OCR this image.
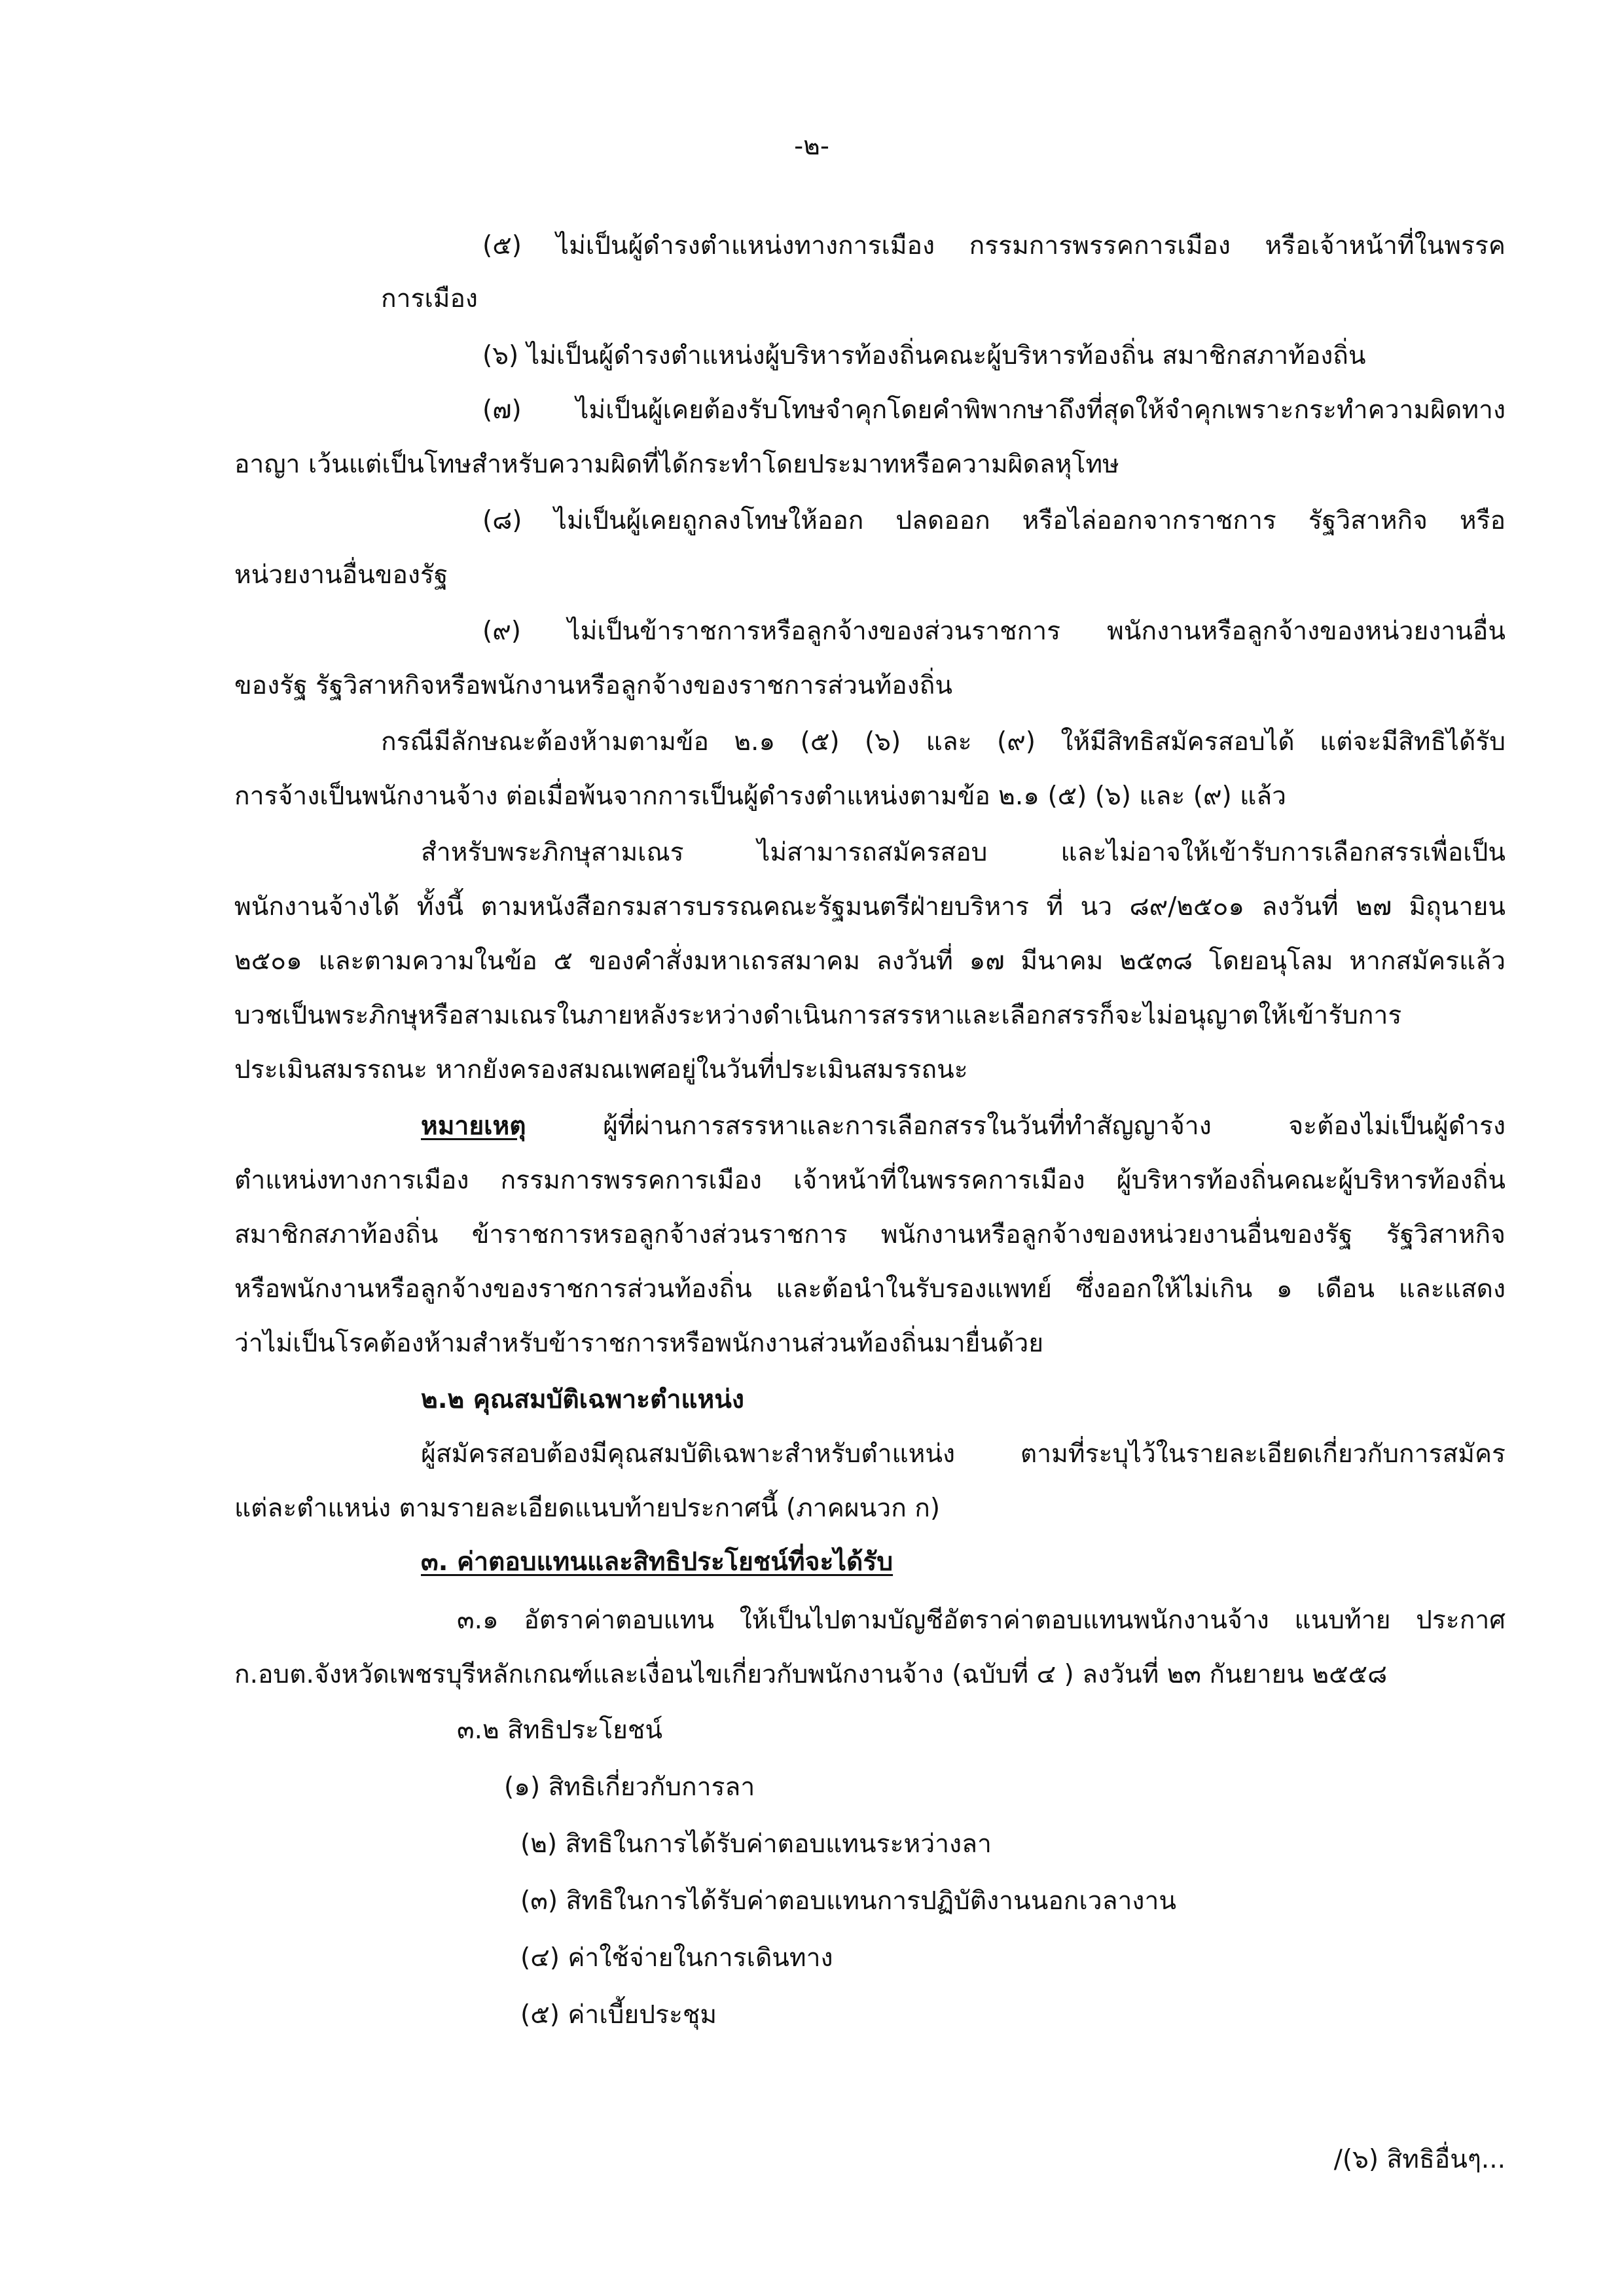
-๒-
(๕) ไม่เป็นผู้ดำรงตำแหน่งทางการเมือง กรรมการพรรคการเมือง หรือเจ้าหน้าที่ในพรรค
การเมือง
(๖) ไม่เป็นผู้ดำรงตำแหน่งผู้บริหารท้องถิ่นคณะผู้บริหารท้องถิ่น สมาชิกสภาท้องถิ่น
(๗) ไม่เป็นผู้เคยต้องรับโทษจำคุกโดยคำพิพากษาถึงที่สุดให้จำคุกเพราะกระทำความผิดทาง
อาญา เว้นแต่เป็นโทษสำหรับความผิดที่ได้กระทำโดยประมาทหรือความผิดลหุโทษ
(๘) ไม่เป็นผู้เคยถูกลงโทษให้ออก ปลดออก หรือไล่ออกจากราชการ รัฐวิสาหกิจ หรือ
หน่วยงานอื่นของรัฐ
(๙) ไม่เป็นข้าราชการหรือลูกจ้างของส่วนราชการ พนักงานหรือลูกจ้างของหน่วยงานอื่น
ของรัฐ รัฐวิสาหกิจหรือพนักงานหรือลูกจ้างของราชการส่วนท้องถิ่น
กรณีมีลักษณะต้องห้ามตามข้อ ๒.๑ (๕) (๖) และ (๙) ให้มีสิทธิสมัครสอบได้ แต่จะมีสิทธิได้รับ
การจ้างเป็นพนักงานจ้าง ต่อเมื่อพ้นจากการเป็นผู้ดำรงตำแหน่งตามข้อ ๒.๑ (๕) (๖) และ (๙) แล้ว
สำหรับพระภิกษุสามเณร ไม่สามารถสมัครสอบ และไม่อาจให้เข้ารับการเลือกสรรเพื่อเป็น
พนักงานจ้างได้ ทั้งนี้ ตามหนังสือกรมสารบรรณคณะรัฐมนตรีฝ่ายบริหาร ที่ นว ๘๙/๒๕๐๑ ลงวันที่ ๒๗ มิถุนายน
๒๕๐๑ และตามความในข้อ ๕ ของคำสั่งมหาเถรสมาคม ลงวันที่ ๑๗ มีนาคม ๒๕๓๘ โดยอนุโลม หากสมัครแล้ว
บวชเป็นพระภิกษุหรือสามเณรในภายหลังระหว่างดำเนินการสรรหาและเลือกสรรก็จะไม่อนุญาตให้เข้ารับการ
ประเมินสมรรถนะ หากยังครองสมณเพศอยู่ในวันที่ประเมินสมรรถนะ
หมายเหตุ ผู้ที่ผ่านการสรรหาและการเลือกสรรในวันที่ทำสัญญาจ้าง จะต้องไม่เป็นผู้ดำรง
ตำแหน่งทางการเมือง กรรมการพรรคการเมือง เจ้าหน้าที่ในพรรคการเมือง ผู้บริหารท้องถิ่นคณะผู้บริหารท้องถิ่น
สมาชิกสภาท้องถิ่น ข้าราชการหรอลูกจ้างส่วนราชการ พนักงานหรือลูกจ้างของหน่วยงานอื่นของรัฐ รัฐวิสาหกิจ
หรือพนักงานหรือลูกจ้างของราชการส่วนท้องถิ่น และต้อนำในรับรองแพทย์ ซึ่งออกให้ไม่เกิน ๑ เดือน และแสดง
ว่าไม่เป็นโรคต้องห้ามสำหรับข้าราชการหรือพนักงานส่วนท้องถิ่นมายื่นด้วย
๒.๒ คุณสมบัติเฉพาะตำแหน่ง
ผู้สมัครสอบต้องมีคุณสมบัติเฉพาะสำหรับตำแหน่ง ตามที่ระบุไว้ในรายละเอียดเกี่ยวกับการสมัคร
แต่ละตำแหน่ง ตามรายละเอียดแนบท้ายประกาศนี้ (ภาคผนวก ก)
๓. ค่าตอบแทนและสิทธิประโยชน์ที่จะได้รับ
๓.๑ อัตราค่าตอบแทน ให้เป็นไปตามบัญชีอัตราค่าตอบแทนพนักงานจ้าง แนบท้าย ประกาศ
ก.อบต.จังหวัดเพชรบุรีหลักเกณฑ์และเงื่อนไขเกี่ยวกับพนักงานจ้าง (ฉบับที่ ๔ ) ลงวันที่ ๒๓ กันยายน ๒๕๕๘
๓.๒ สิทธิประโยชน์
(๑) สิทธิเกี่ยวกับการลา
(๒) สิทธิในการได้รับค่าตอบแทนระหว่างลา
(๓) สิทธิในการได้รับค่าตอบแทนการปฏิบัติงานนอกเวลางาน
(๔) ค่าใช้จ่ายในการเดินทาง
(๕) ค่าเบี้ยประชุม
/(๖) สิทธิอื่นๆ...
